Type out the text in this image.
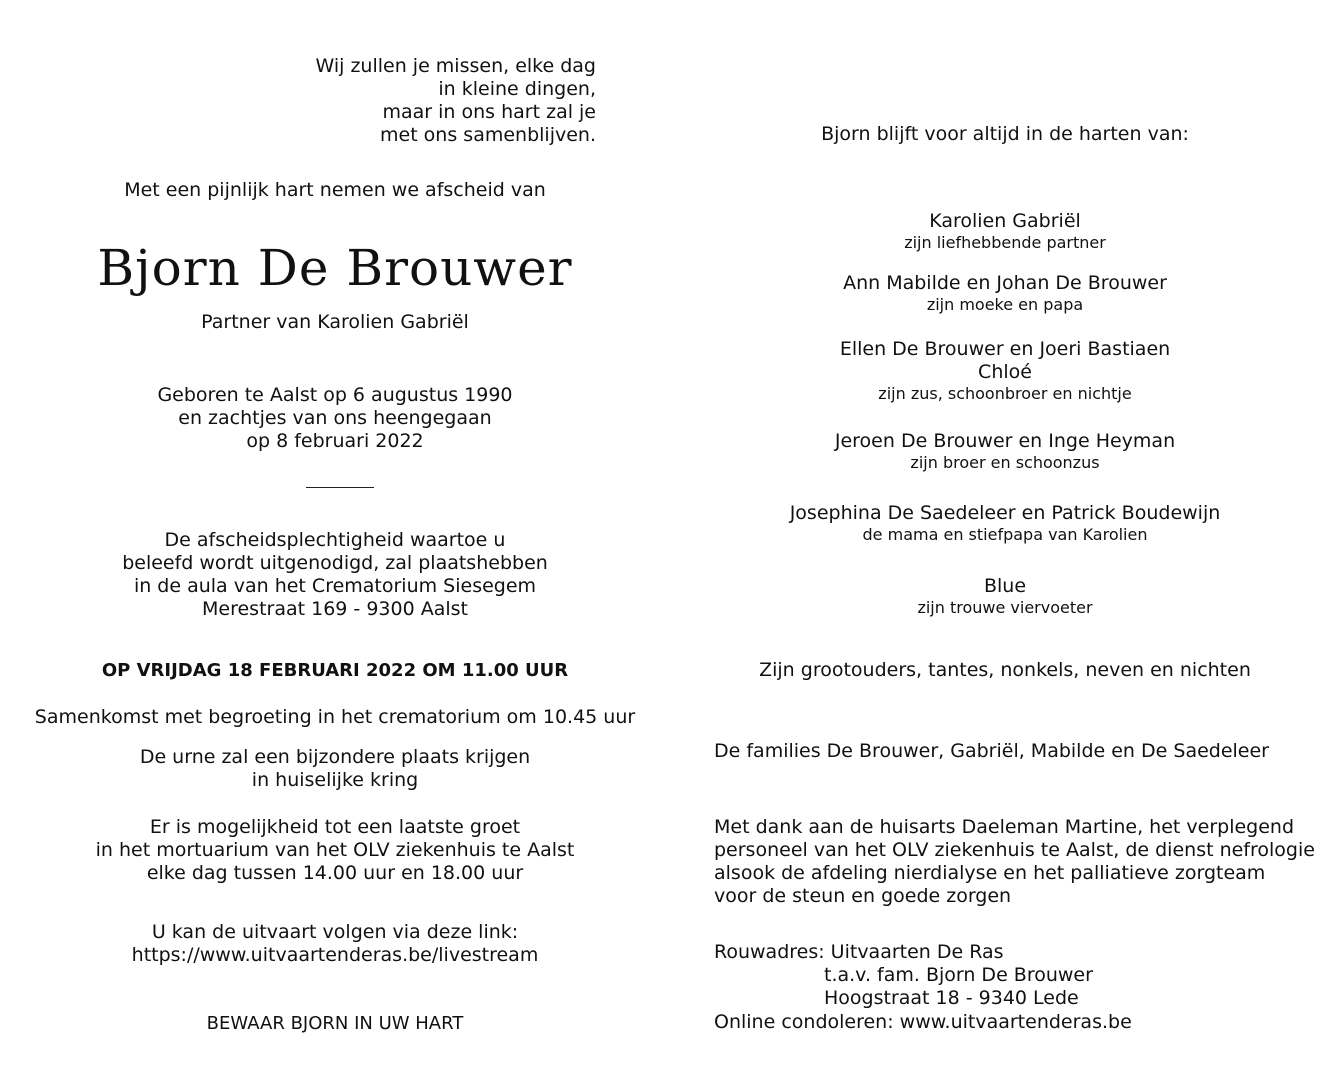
Wij zullen je missen, elke dag

in kleine dingen,

maar in ons hart zal je

met ons samenblijven.

Met een pijnlijk hart nemen we afscheid van

Bjorn De Brouwer

Partner van Karolien Gabriël

Geboren te Aalst op 6 augustus 1990

en zachtjes van ons heengegaan

op 8 februari 2022

De afscheidsplechtigheid waartoe u

beleefd wordt uitgenodigd, zal plaatshebben

in de aula van het Crematorium Siesegem

Merestraat 169 - 9300 Aalst

OP VRIJDAG 18 FEBRUARI 2022 OM 11.00 UUR

Samenkomst met begroeting in het crematorium om 10.45 uur

De urne zal een bijzondere plaats krijgen

in huiselijke kring

Er is mogelijkheid tot een laatste groet

in het mortuarium van het OLV ziekenhuis te Aalst

elke dag tussen 14.00 uur en 18.00 uur

U kan de uitvaart volgen via deze link:

https://www.uitvaartenderas.be/livestream

BEWAAR BJORN IN UW HART

Bjorn blijft voor altijd in de harten van:

Karolien Gabriël

zijn liefhebbende partner

Ann Mabilde en Johan De Brouwer

zijn moeke en papa

Ellen De Brouwer en Joeri Bastiaen

Chloé

zijn zus, schoonbroer en nichtje

Jeroen De Brouwer en Inge Heyman

zijn broer en schoonzus

Josephina De Saedeleer en Patrick Boudewijn

de mama en stiefpapa van Karolien

Blue

zijn trouwe viervoeter

Zijn grootouders, tantes, nonkels, neven en nichten

De families De Brouwer, Gabriël, Mabilde en De Saedeleer

Met dank aan de huisarts Daeleman Martine, het verplegend

personeel van het OLV ziekenhuis te Aalst, de dienst nefrologie

alsook de afdeling nierdialyse en het palliatieve zorgteam

voor de steun en goede zorgen

Rouwadres: Uitvaarten De Ras

t.a.v. fam. Bjorn De Brouwer

Hoogstraat 18 - 9340 Lede

Online condoleren: www.uitvaartenderas.be
